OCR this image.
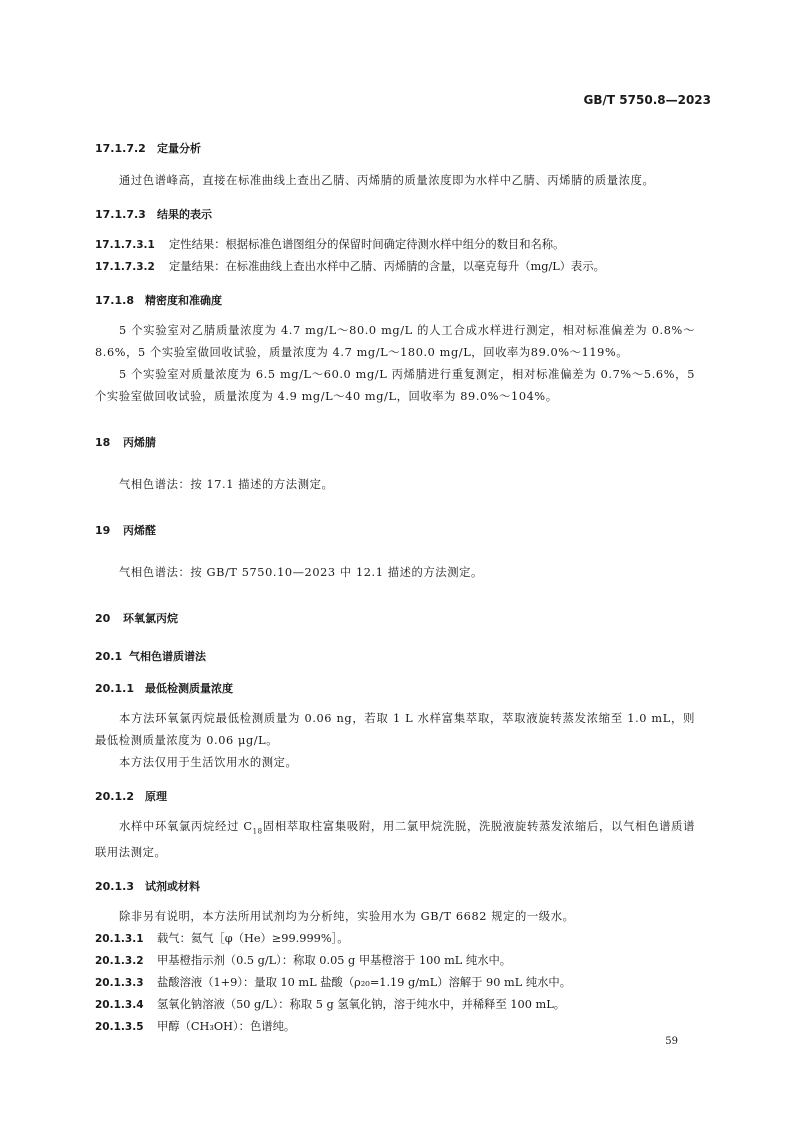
GB/T 5750.8—2023
17.1.7.2 定量分析

通过色谱峰高，直接在标准曲线上查出乙腈、丙烯腈的质量浓度即为水样中乙腈、丙烯腈的质量浓度。

17.1.7.3 结果的表示
17.1.7.3.1 定性结果：根据标准色谱图组分的保留时间确定待测水样中组分的数目和名称。
17.1.7.3.2 定量结果：在标准曲线上查出水样中乙腈、丙烯腈的含量，以毫克每升（mg/L）表示。
17.1.8 精密度和准确度

5 个实验室对乙腈质量浓度为 4.7 mg/L～80.0 mg/L 的人工合成水样进行测定，相对标准偏差为 0.8%～8.6%，5 个实验室做回收试验，质量浓度为 4.7 mg/L～180.0 mg/L，回收率为89.0%～119%。

5 个实验室对质量浓度为 6.5 mg/L～60.0 mg/L 丙烯腈进行重复测定，相对标准偏差为 0.7%～5.6%，5 个实验室做回收试验，质量浓度为 4.9 mg/L～40 mg/L，回收率为 89.0%～104%。

18 丙烯腈

气相色谱法：按 17.1 描述的方法测定。

19 丙烯醛

气相色谱法：按 GB/T 5750.10—2023 中 12.1 描述的方法测定。

20 环氧氯丙烷
20.1 气相色谱质谱法
20.1.1 最低检测质量浓度

本方法环氧氯丙烷最低检测质量为 0.06 ng，若取 1 L 水样富集萃取，萃取液旋转蒸发浓缩至 1.0 mL，则最低检测质量浓度为 0.06 μg/L。

本方法仅用于生活饮用水的测定。

20.1.2 原理

水样中环氧氯丙烷经过 $C_{18}$固相萃取柱富集吸附，用二氯甲烷洗脱，洗脱液旋转蒸发浓缩后，以气相色谱质谱联用法测定。

20.1.3 试剂或材料

除非另有说明，本方法所用试剂均为分析纯，实验用水为 GB/T 6682 规定的一级水。

20.1.3.1 载气：氦气［φ（He）≥99.999%］。
20.1.3.2 甲基橙指示剂（0.5 g/L）：称取 0.05 g 甲基橙溶于 100 mL 纯水中。
20.1.3.3 盐酸溶液（1+9）：量取 10 mL 盐酸（ρ₂₀=1.19 g/mL）溶解于 90 mL 纯水中。
20.1.3.4 氢氧化钠溶液（50 g/L）：称取 5 g 氢氧化钠，溶于纯水中，并稀释至 100 mL。
20.1.3.5 甲醇（CH₃OH）：色谱纯。
59
